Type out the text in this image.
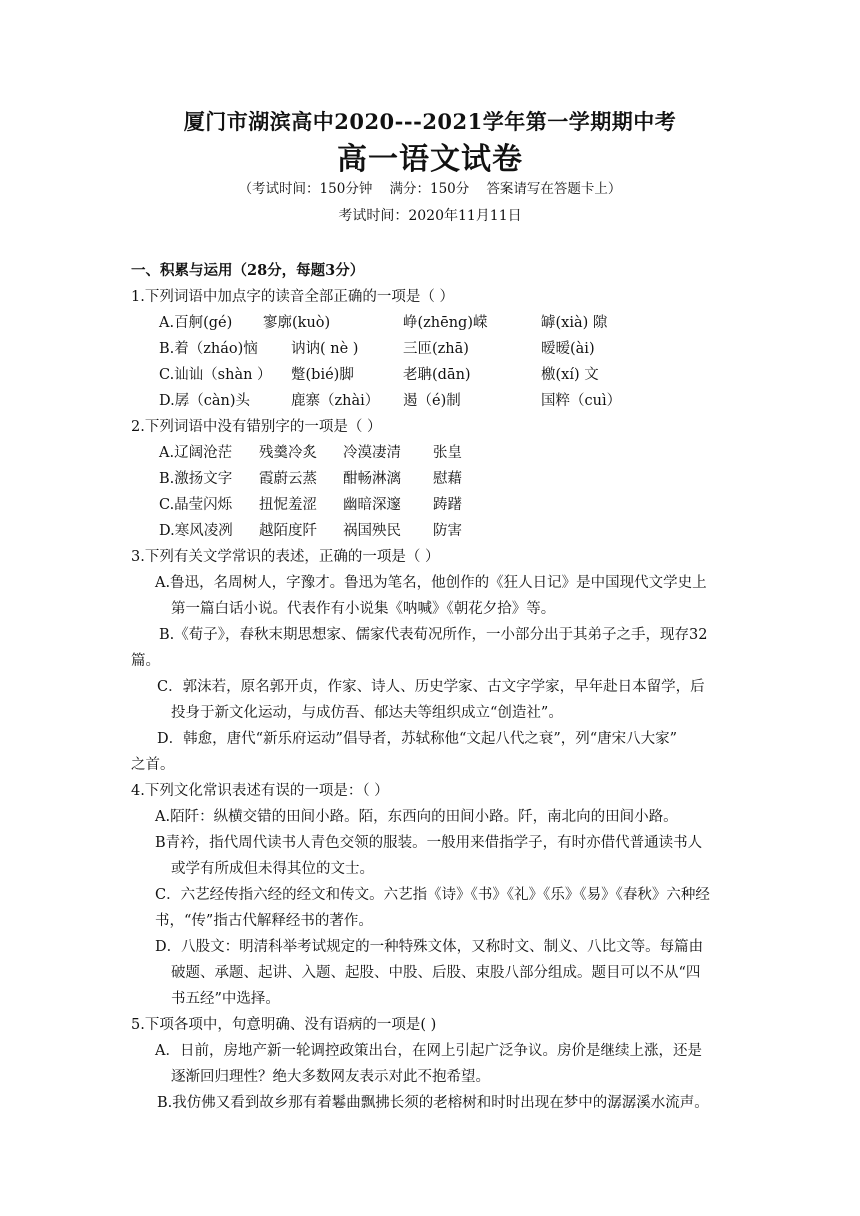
厦门市湖滨高中2020---2021学年第一学期期中考
高一语文试卷
（考试时间：150分钟    满分：150分    答案请写在答题卡上）
考试时间：2020年11月11日
一、积累与运用（28分，每题3分）
1.下列词语中加点字的读音全部正确的一项是（ ）
A.百舸(gé) 寥廓(kuò)	峥(zhēng)嵘	罅(xià) 隙
B.着（zháo)恼 讷讷( nè )	三匝(zhā)	暧暧(ài)
C.讪讪（shàn ） 蹩(bié)脚	老聃(dān)	檄(xí) 文
D.孱（càn)头	鹿寨（zhài） 遏（é)制	国粹（cuì）
2.下列词语中没有错别字的一项是（ ）
A.辽阔沧茫 残羹冷炙 冷漠凄清 张皇
B.激扬文字 霞蔚云蒸 酣畅淋漓 慰藉
C.晶莹闪烁 扭怩羞涩 幽暗深邃 踌躇
D.寒风凌冽 越陌度阡 祸国殃民 防害
3.下列有关文学常识的表述，正确的一项是（ ）
A.鲁迅，名周树人，字豫才。鲁迅为笔名，他创作的《狂人日记》是中国现代文学史上
第一篇白话小说。代表作有小说集《呐喊》《朝花夕拾》等。
B.《荀子》，春秋末期思想家、儒家代表荀况所作，一小部分出于其弟子之手，现存32
篇。
C．郭沫若，原名郭开贞，作家、诗人、历史学家、古文字学家，早年赴日本留学，后
投身于新文化运动，与成仿吾、郁达夫等组织成立“创造社”。
D．韩愈，唐代“新乐府运动”倡导者，苏轼称他“文起八代之衰”，列“唐宋八大家”
之首。
4.下列文化常识表述有误的一项是：（ ）
A.陌阡：纵横交错的田间小路。陌，东西向的田间小路。阡，南北向的田间小路。
B青衿，指代周代读书人青色交领的服装。一般用来借指学子，有时亦借代普通读书人
或学有所成但未得其位的文士。
C．六艺经传指六经的经文和传文。六艺指《诗》《书》《礼》《乐》《易》《春秋》六种经
书，“传”指古代解释经书的著作。
D．八股文：明清科举考试规定的一种特殊文体，又称时文、制义、八比文等。每篇由
破题、承题、起讲、入题、起股、中股、后股、束股八部分组成。题目可以不从“四
书五经”中选择。
5.下项各项中，句意明确、没有语病的一项是( )
A．日前，房地产新一轮调控政策出台，在网上引起广泛争议。房价是继续上涨，还是
逐渐回归理性？绝大多数网友表示对此不抱希望。
B.我仿佛又看到故乡那有着鬈曲飘拂长须的老榕树和时时出现在梦中的潺潺溪水流声。
